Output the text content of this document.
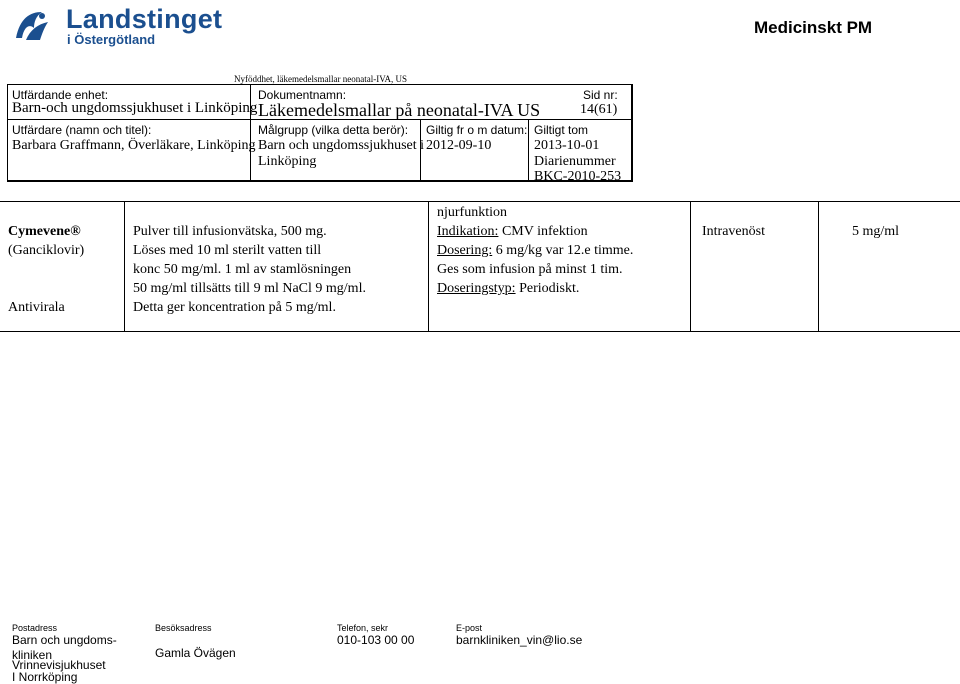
Landstinget
i Östergötland
Medicinskt PM
Nyföddhet, läkemedelsmallar neonatal-IVA, US
Utfärdande enhet:
Barn-och ungdomssjukhuset i Linköping
Dokumentnamn:
Läkemedelsmallar på neonatal-IVA US
Sid nr:
14(61)
Utfärdare (namn och titel):
Barbara Graffmann, Överläkare, Linköping
Målgrupp (vilka detta berör):
Barn och ungdomssjukhuset i
Linköping
Giltig fr o m datum:
2012-09-10
Giltigt tom
2013-10-01
Diarienummer
BKC-2010-253
Cymevene®
(Ganciklovir)
Antivirala
Pulver till infusionvätska, 500 mg.
Löses med 10 ml sterilt vatten till
konc 50 mg/ml. 1 ml av stamlösningen
50 mg/ml tillsätts till 9 ml NaCl 9 mg/ml.
Detta ger koncentration på 5 mg/ml.
njurfunktion
Indikation: CMV infektion
Dosering: 6 mg/kg var 12.e timme.
Ges som infusion på minst 1 tim.
Doseringstyp: Periodiskt.
Intravenöst	5 mg/ml
Postadress
Barn och ungdoms-
kliniken
Vrinnevisjukhuset
I Norrköping
Besöksadress
Gamla Övägen
Telefon, sekr
010-103 00 00
E-post
barnkliniken_vin@lio.se
